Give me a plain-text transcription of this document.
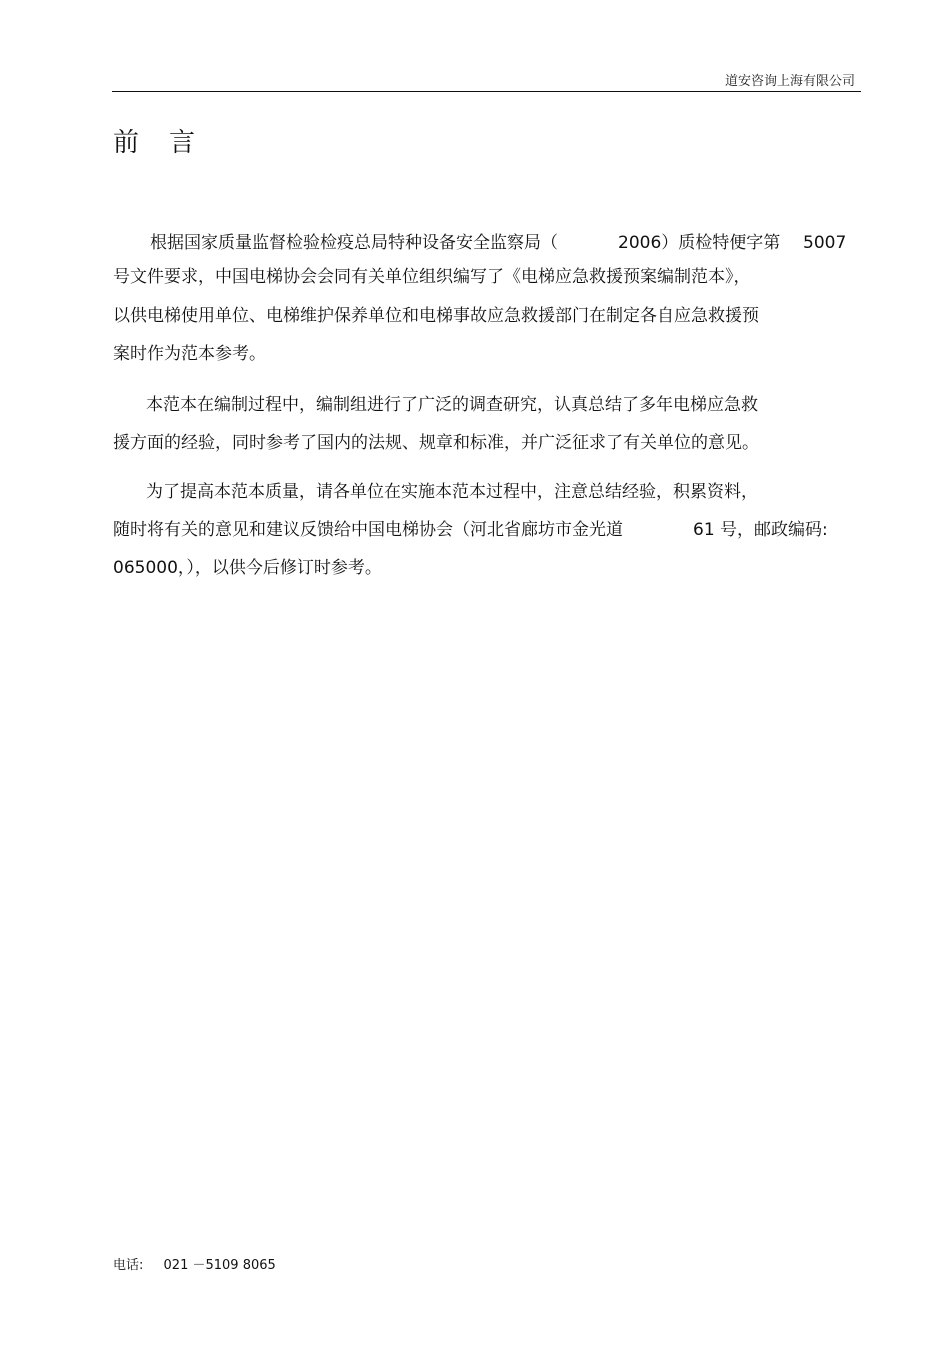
道安咨询上海有限公司
前言
根据国家质量监督检验检疫总局特种设备安全监察局（	2006）质检特便字第 5007
号文件要求，中国电梯协会会同有关单位组织编写了《电梯应急救援预案编制范本》，
以供电梯使用单位、电梯维护保养单位和电梯事故应急救援部门在制定各自应急救援预
案时作为范本参考。
本范本在编制过程中，编制组进行了广泛的调查研究，认真总结了多年电梯应急救
援方面的经验，同时参考了国内的法规、规章和标准，并广泛征求了有关单位的意见。
为了提高本范本质量，请各单位在实施本范本过程中，注意总结经验，积累资料，
随时将有关的意见和建议反馈给中国电梯协会（河北省廊坊市金光道	61 号，邮政编码:
065000，），以供今后修订时参考。
电话: 021 －5109 8065
